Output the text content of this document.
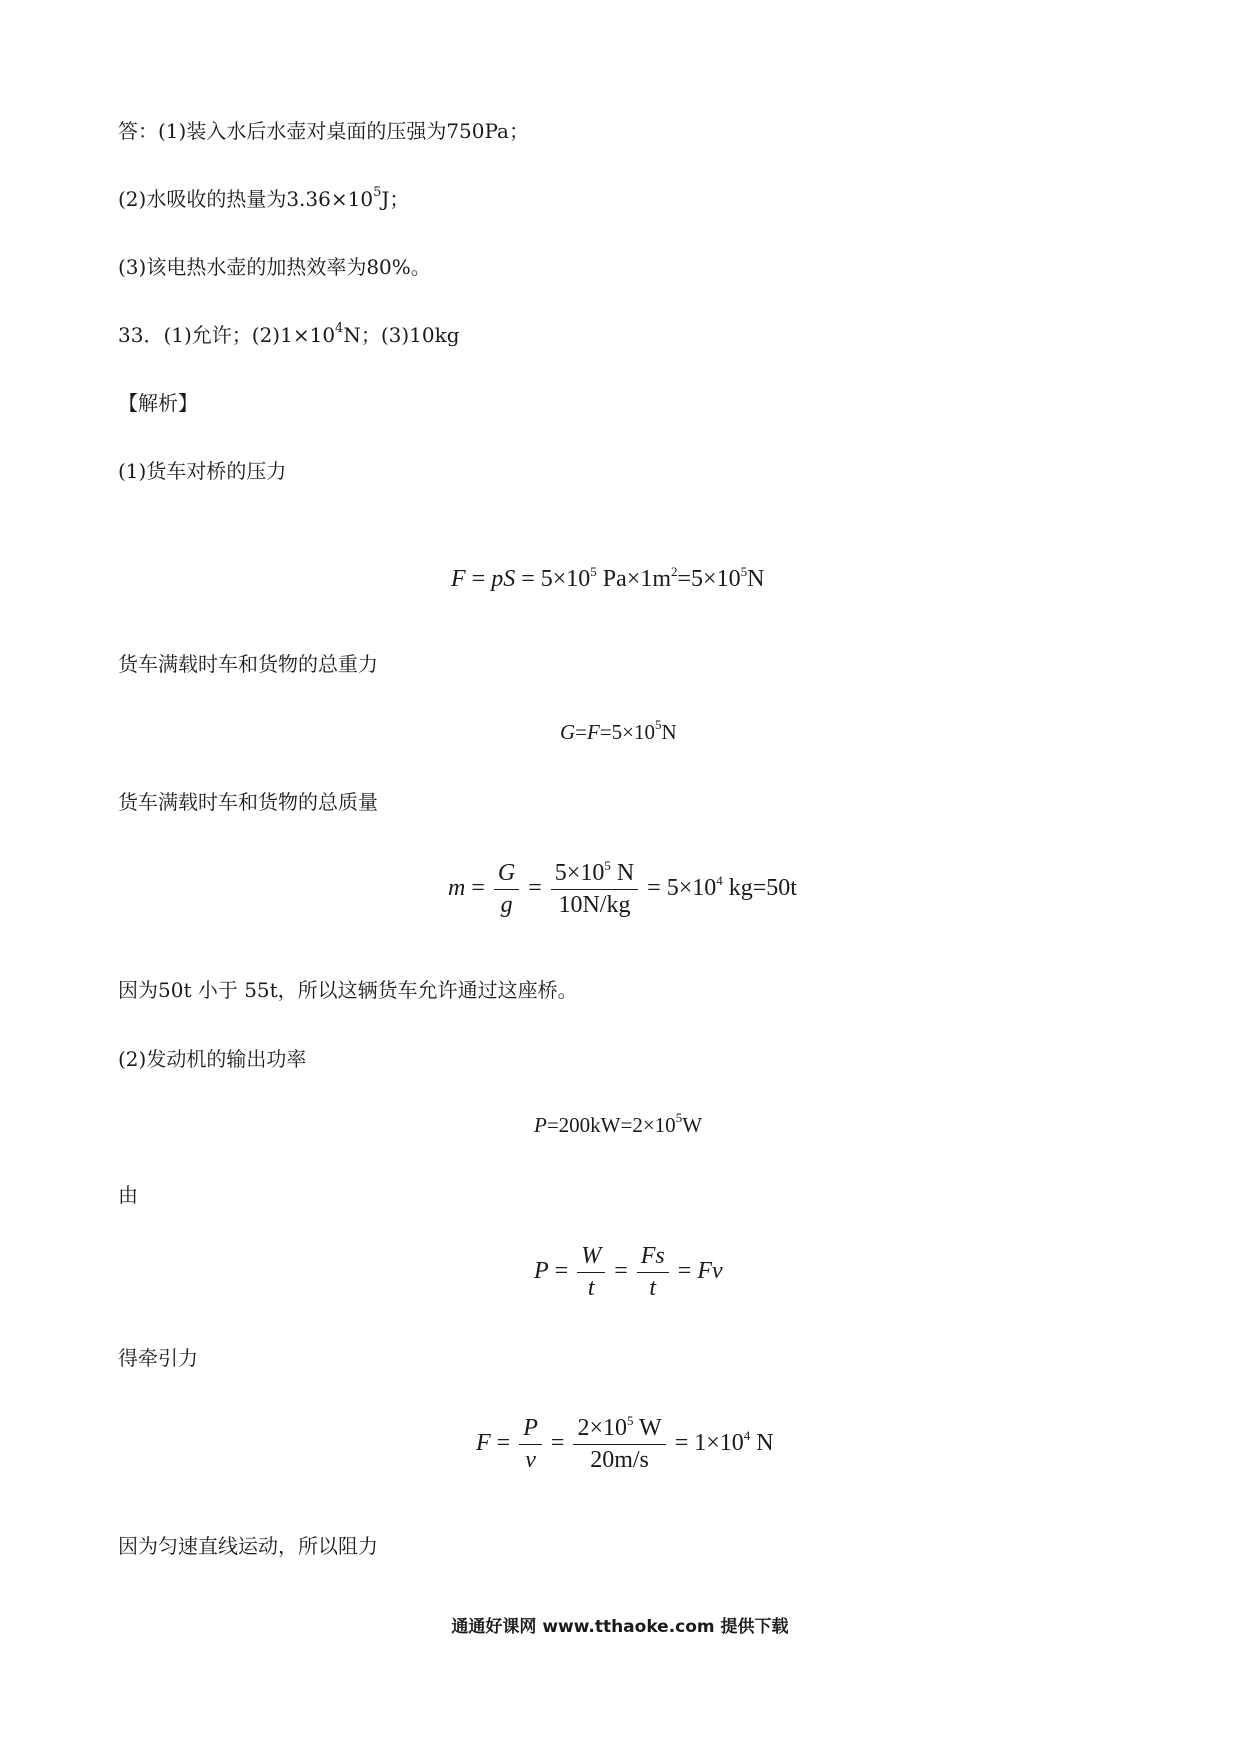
答：(1)装入水后水壶对桌面的压强为750Pa；
(2)水吸收的热量为$3.36\times 10^5J$；
(3)该电热水壶的加热效率为80%。
33．(1)允许；$(2)1\times 10^4N$；(3)10kg
【解析】
(1)货车对桥的压力
F = pS = $5\times 10^5$ $Pa\times 1m^2=5\times 10^5N$
货车满载时车和货物的总重力
$G=F=5\times 10^5N$
货车满载时车和货物的总质量
$m = \frac{G}{g} = \frac{5\times 10^5 N}{10N/kg} = 5\times 10^4$ kg=50t
因为50t 小于 55t，所以这辆货车允许通过这座桥。
(2)发动机的输出功率
$P=200kW=2\times 10^5W$
由
$P = \frac{W}{t} = \frac{Fs}{t} = Fv$
得牵引力
$F = \frac{P}{v} = \frac{2\times 10^5 W}{20m/s} = 1\times 10^4$ N
因为匀速直线运动，所以阻力
通通好课网 www.tthaoke.com 提供下载
